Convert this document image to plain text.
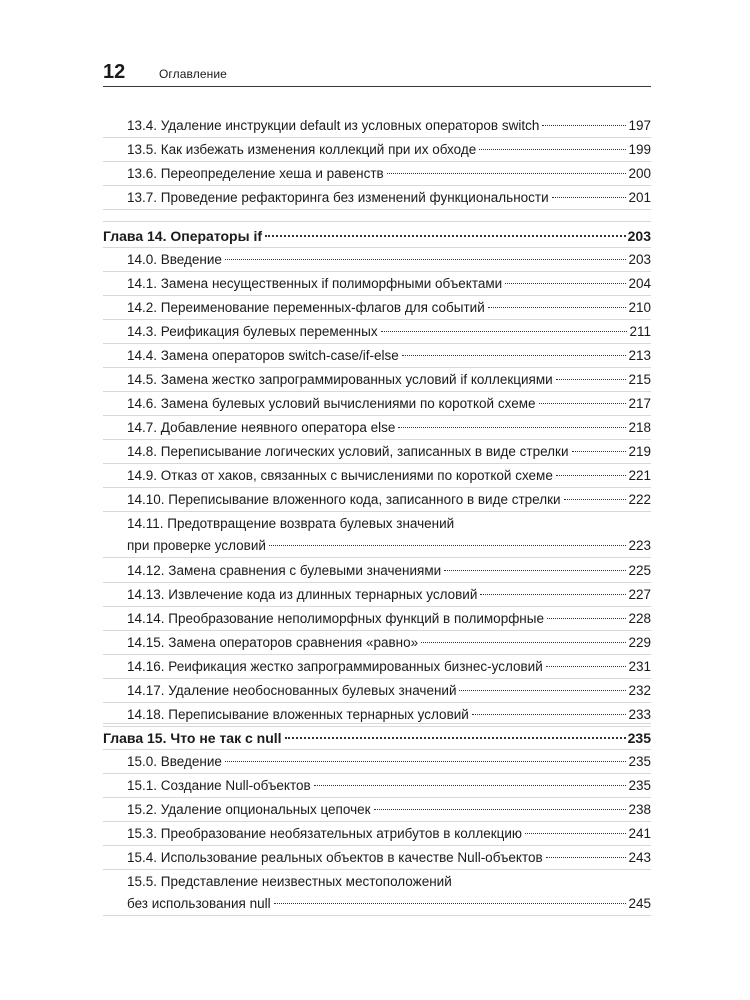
12	Оглавление
13.4. Удаление инструкции default из условных операторов switch	197
13.5. Как избежать изменения коллекций при их обходе	199
13.6. Переопределение хеша и равенств	200
13.7. Проведение рефакторинга без изменений функциональности	201
Глава 14. Операторы if	203
14.0. Введение	203
14.1. Замена несущественных if полиморфными объектами	204
14.2. Переименование переменных-флагов для событий	210
14.3. Реификация булевых переменных	211
14.4. Замена операторов switch-case/if-else	213
14.5. Замена жестко запрограммированных условий if коллекциями	215
14.6. Замена булевых условий вычислениями по короткой схеме	217
14.7. Добавление неявного оператора else	218
14.8. Переписывание логических условий, записанных в виде стрелки	219
14.9. Отказ от хаков, связанных с вычислениями по короткой схеме	221
14.10. Переписывание вложенного кода, записанного в виде стрелки	222
14.11. Предотвращение возврата булевых значений
при проверке условий	223
14.12. Замена сравнения с булевыми значениями	225
14.13. Извлечение кода из длинных тернарных условий	227
14.14. Преобразование неполиморфных функций в полиморфные	228
14.15. Замена операторов сравнения «равно»	229
14.16. Реификация жестко запрограммированных бизнес-условий	231
14.17. Удаление необоснованных булевых значений	232
14.18. Переписывание вложенных тернарных условий	233
Глава 15. Что не так с null	235
15.0. Введение	235
15.1. Создание Null-объектов	235
15.2. Удаление опциональных цепочек	238
15.3. Преобразование необязательных атрибутов в коллекцию	241
15.4. Использование реальных объектов в качестве Null-объектов	243
15.5. Представление неизвестных местоположений
без использования null	245
